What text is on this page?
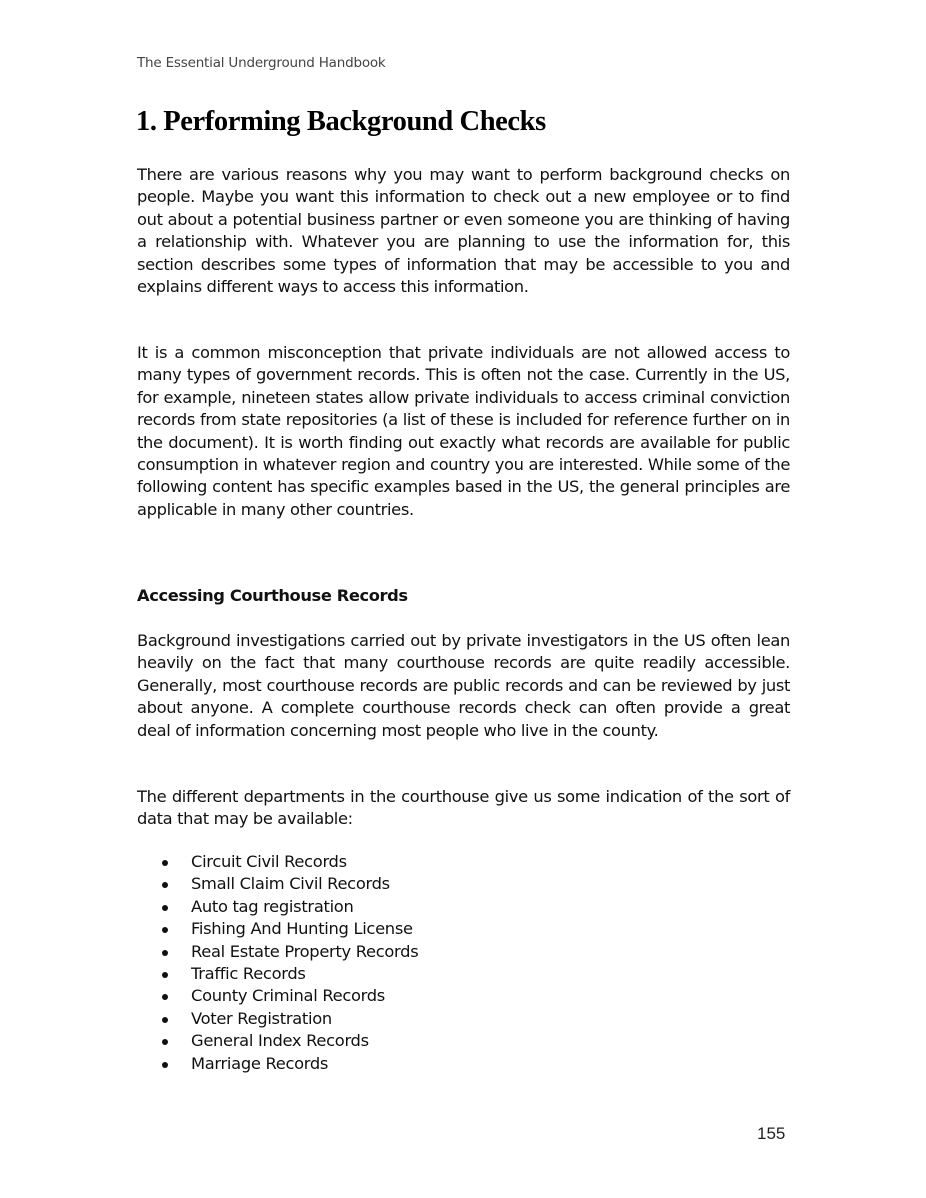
The Essential Underground Handbook
1. Performing Background Checks

There are various reasons why you may want to perform background checks on people. Maybe you want this information to check out a new employee or to find out about a potential business partner or even someone you are thinking of having a relationship with. Whatever you are planning to use the information for, this section describes some types of information that may be accessible to you and explains different ways to access this information.

It is a common misconception that private individuals are not allowed access to many types of government records. This is often not the case. Currently in the US, for example, nineteen states allow private individuals to access criminal conviction records from state repositories (a list of these is included for reference further on in the document). It is worth finding out exactly what records are available for public consumption in whatever region and country you are interested. While some of the following content has specific examples based in the US, the general principles are applicable in many other countries.

Accessing Courthouse Records

Background investigations carried out by private investigators in the US often lean heavily on the fact that many courthouse records are quite readily accessible. Generally, most courthouse records are public records and can be reviewed by just about anyone. A complete courthouse records check can often provide a great deal of information concerning most people who live in the county.

The different departments in the courthouse give us some indication of the sort of data that may be available:

Circuit Civil Records
Small Claim Civil Records
Auto tag registration
Fishing And Hunting License
Real Estate Property Records
Traffic Records
County Criminal Records
Voter Registration
General Index Records
Marriage Records
155
